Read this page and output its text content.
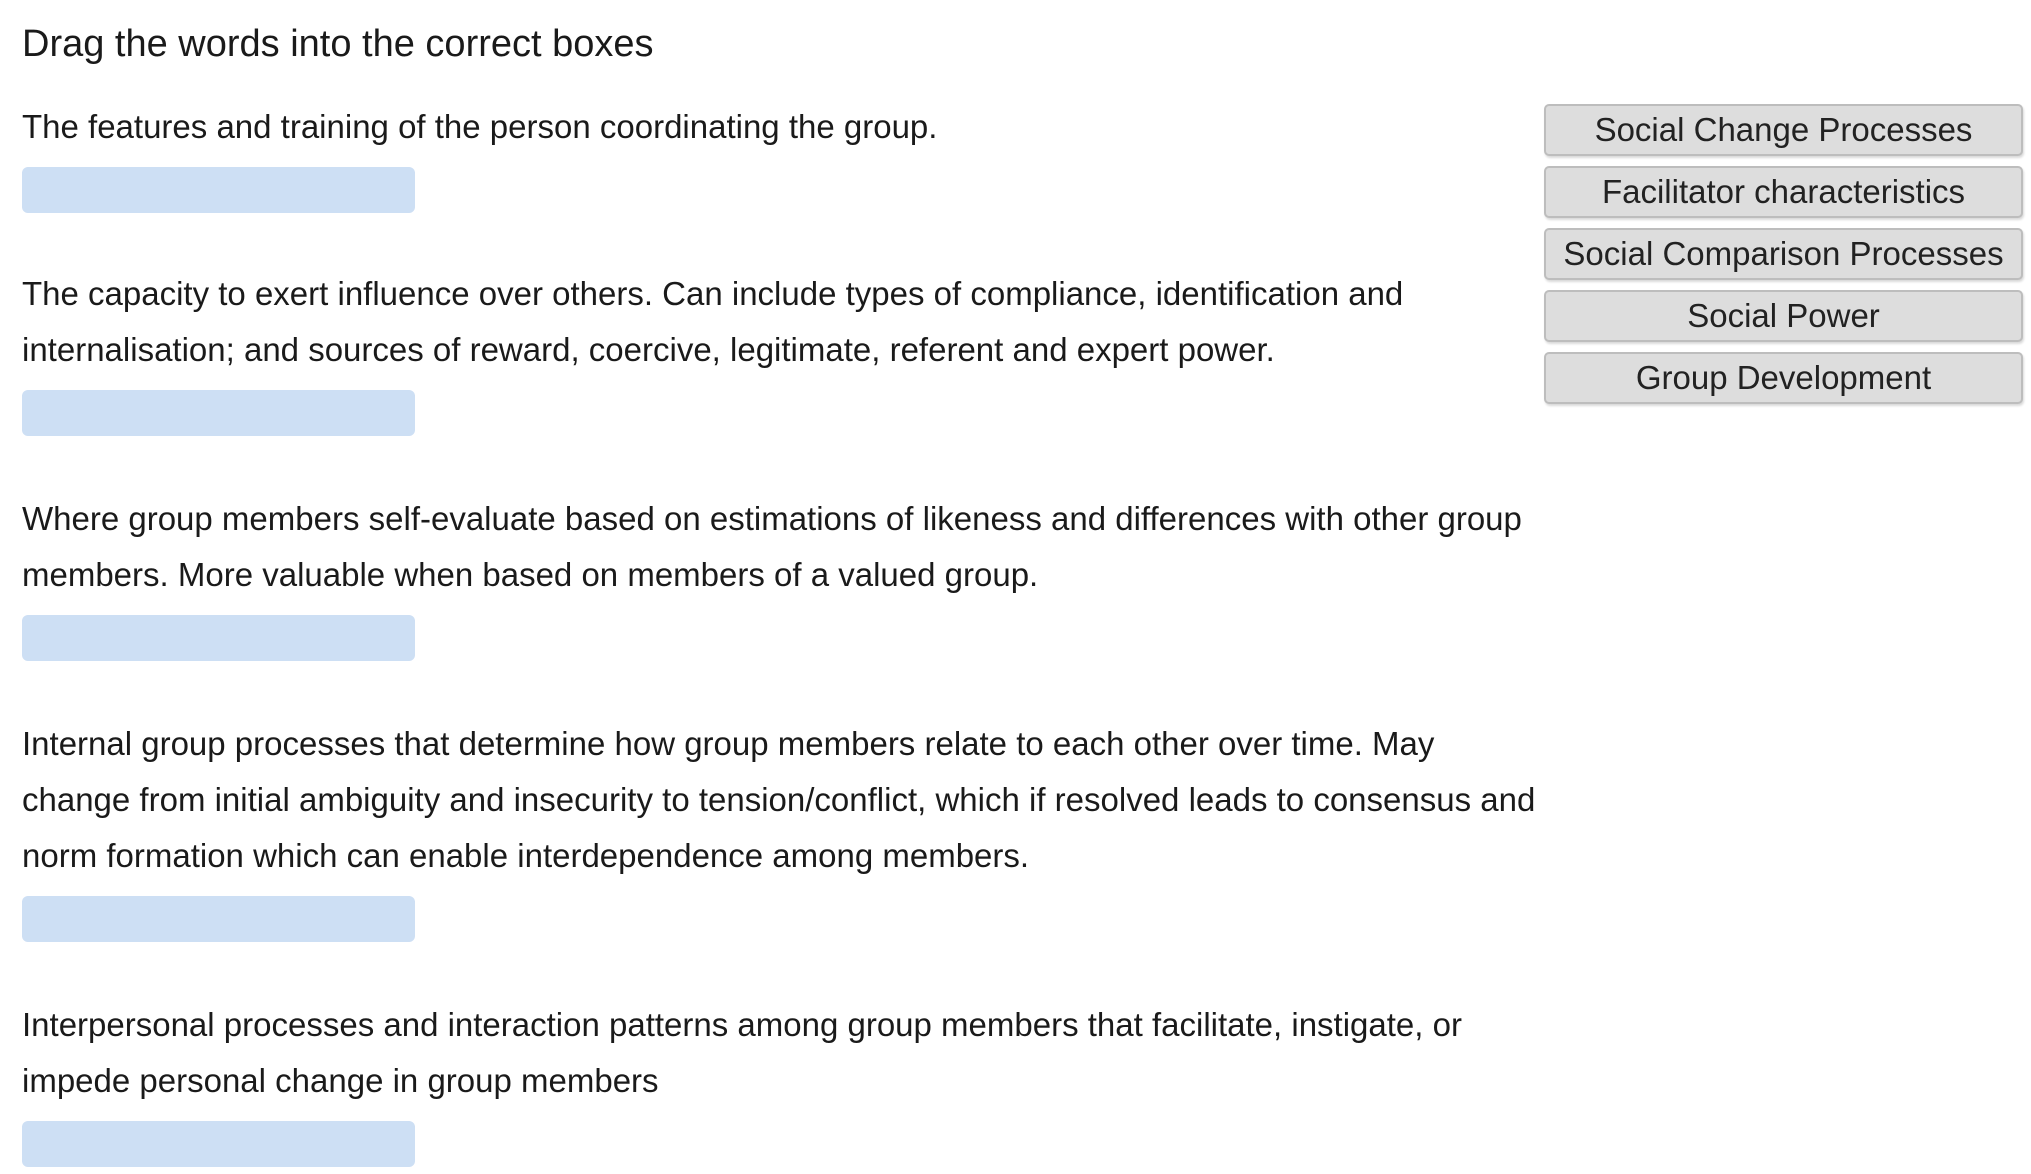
Drag the words into the correct boxes

The features and training of the person coordinating the group.

The capacity to exert influence over others. Can include types of compliance, identification and internalisation; and sources of reward, coercive, legitimate, referent and expert power.

Where group members self-evaluate based on estimations of likeness and differences with other group members. More valuable when based on members of a valued group.

Internal group processes that determine how group members relate to each other over time. May change from initial ambiguity and insecurity to tension/conflict, which if resolved leads to consensus and norm formation which can enable interdependence among members.

Interpersonal processes and interaction patterns among group members that facilitate, instigate, or impede personal change in group members

Social Change Processes
Facilitator characteristics
Social Comparison Processes
Social Power
Group Development
